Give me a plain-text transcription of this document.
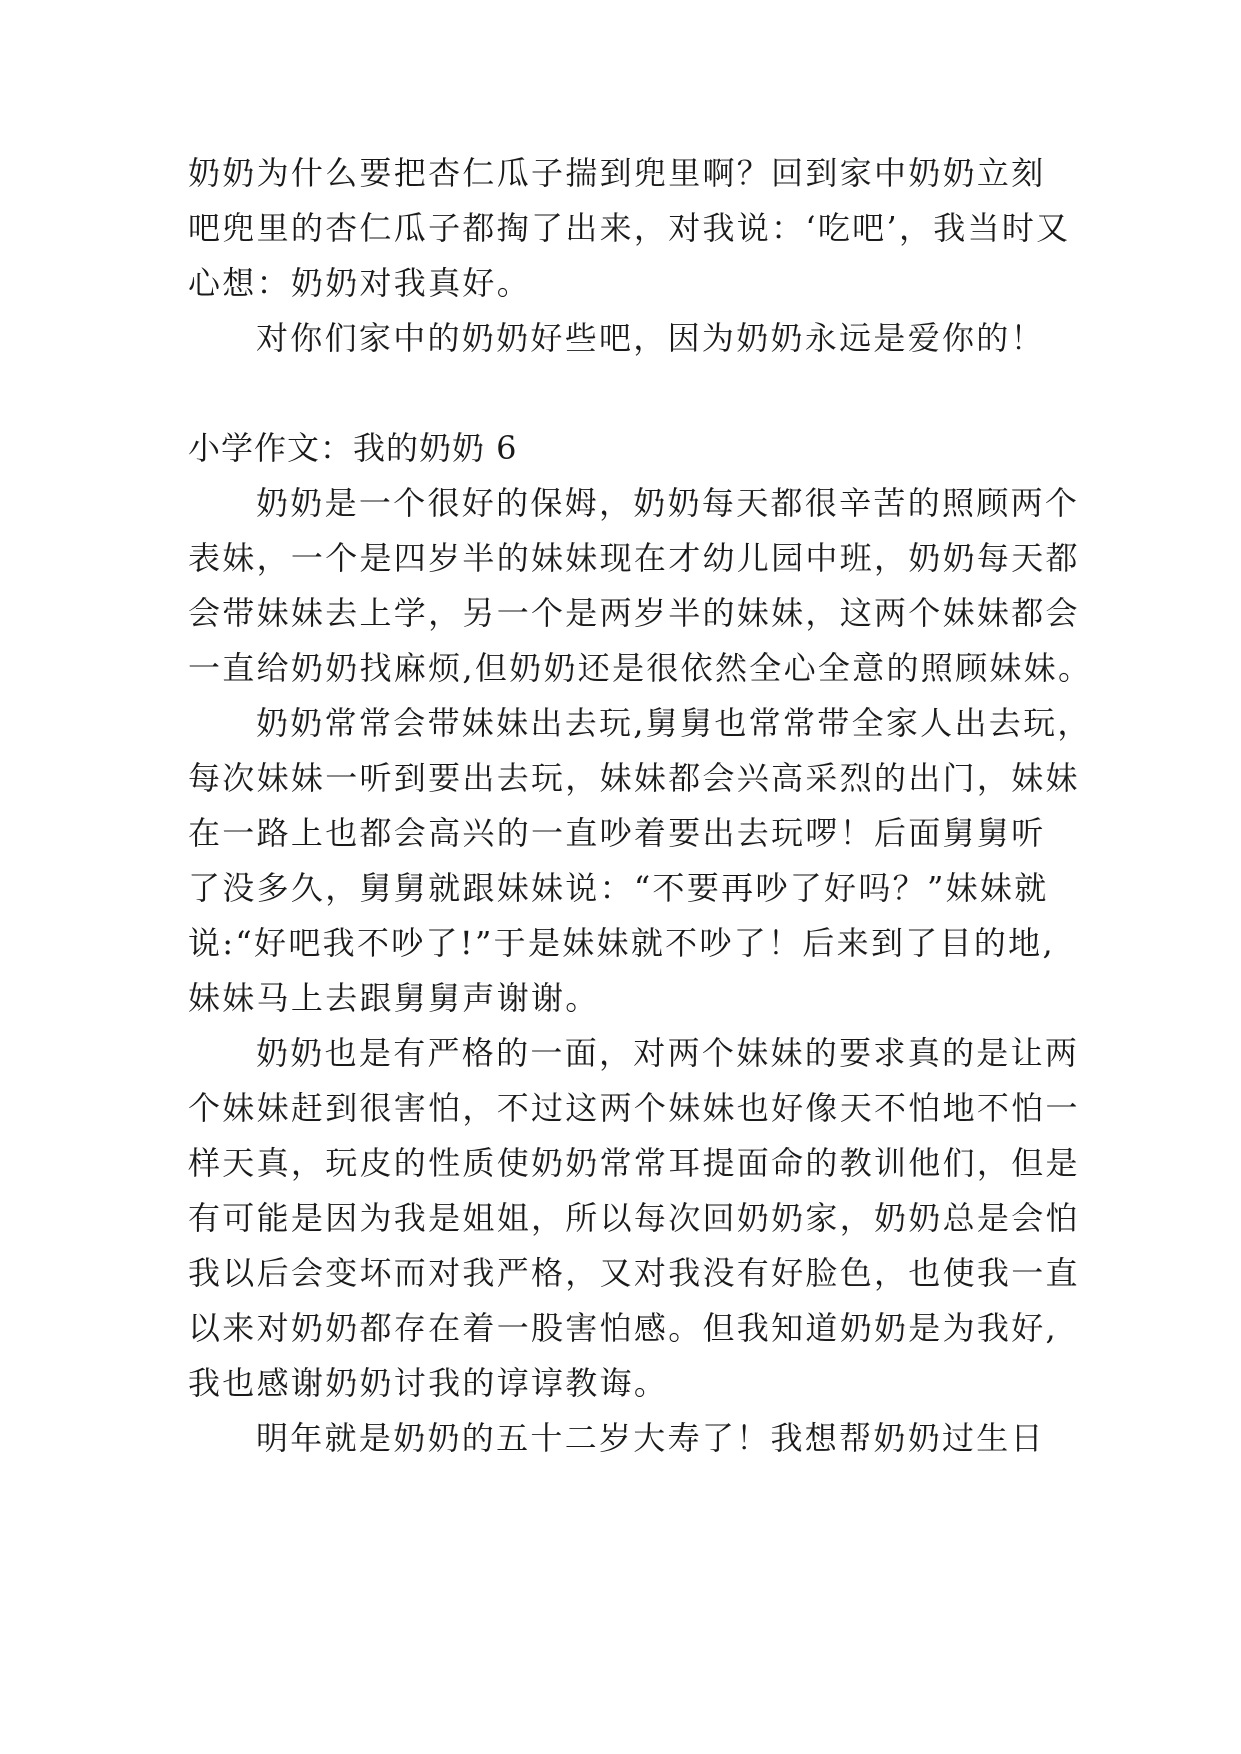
奶奶为什么要把杏仁瓜子揣到兜里啊？回到家中奶奶立刻
吧兜里的杏仁瓜子都掏了出来，对我说：‘吃吧’，我当时又
心想：奶奶对我真好。
对你们家中的奶奶好些吧，因为奶奶永远是爱你的！
小学作文：我的奶奶 6
奶奶是一个很好的保姆，奶奶每天都很辛苦的照顾两个
表妹，一个是四岁半的妹妹现在才幼儿园中班，奶奶每天都
会带妹妹去上学，另一个是两岁半的妹妹，这两个妹妹都会
一直给奶奶找麻烦,但奶奶还是很依然全心全意的照顾妹妹。
奶奶常常会带妹妹出去玩,舅舅也常常带全家人出去玩，
每次妹妹一听到要出去玩，妹妹都会兴高采烈的出门，妹妹
在一路上也都会高兴的一直吵着要出去玩啰！后面舅舅听
了没多久，舅舅就跟妹妹说：“不要再吵了好吗？”妹妹就
说:“好吧我不吵了!”于是妹妹就不吵了！后来到了目的地,
妹妹马上去跟舅舅声谢谢。
奶奶也是有严格的一面，对两个妹妹的要求真的是让两
个妹妹赶到很害怕，不过这两个妹妹也好像天不怕地不怕一
样天真，玩皮的性质使奶奶常常耳提面命的教训他们，但是
有可能是因为我是姐姐，所以每次回奶奶家，奶奶总是会怕
我以后会变坏而对我严格，又对我没有好脸色，也使我一直
以来对奶奶都存在着一股害怕感。但我知道奶奶是为我好,
我也感谢奶奶讨我的谆谆教诲。
明年就是奶奶的五十二岁大寿了！我想帮奶奶过生日
